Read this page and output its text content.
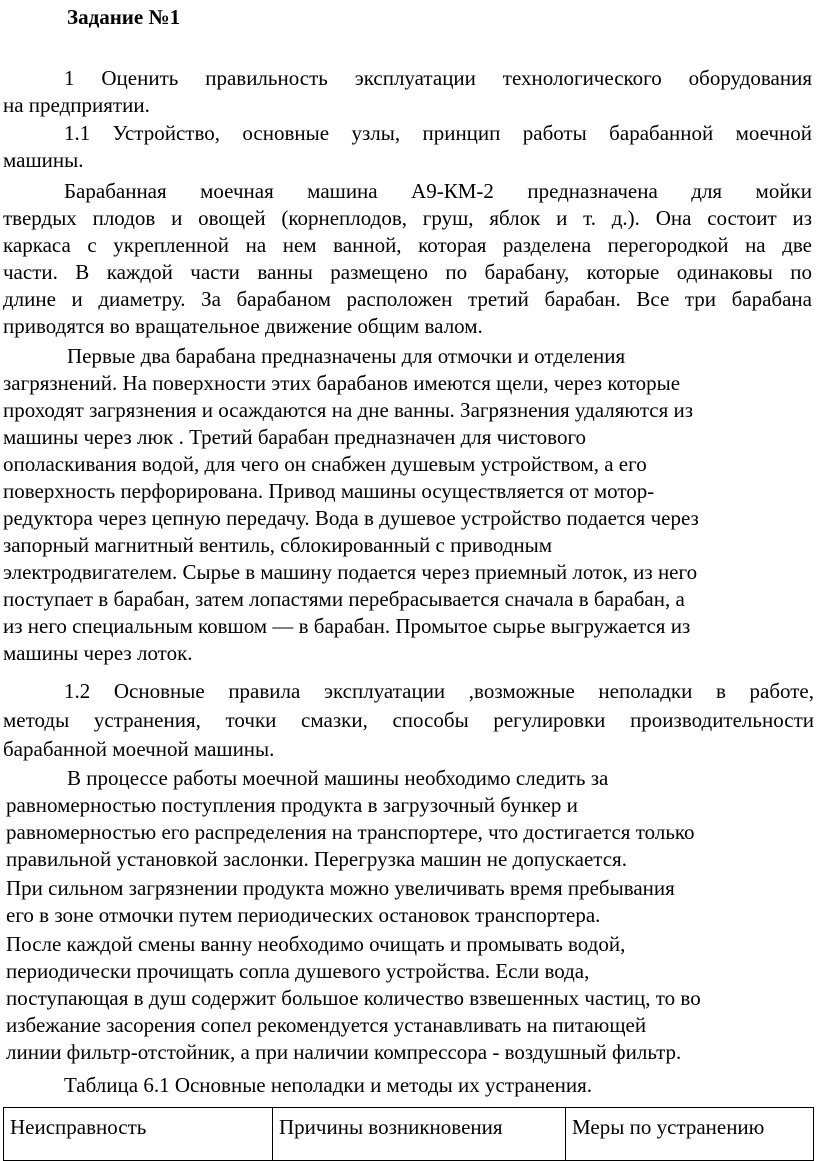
Задание №1
1 Оценить правильность эксплуатации технологического оборудования
на предприятии.
1.1 Устройство, основные узлы, принцип работы барабанной моечной
машины.
Барабанная моечная машина А9-КМ-2 предназначена для мойки
твердых плодов и овощей (корнеплодов, груш, яблок и т. д.). Она состоит из
каркаса с укрепленной на нем ванной, которая разделена перегородкой на две
части. В каждой части ванны размещено по барабану, которые одинаковы по
длине и диаметру. За барабаном расположен третий барабан. Все три барабана
приводятся во вращательное движение общим валом.
Первые два барабана предназначены для отмочки и отделения
загрязнений. На поверхности этих барабанов имеются щели, через которые
проходят загрязнения и осаждаются на дне ванны. Загрязнения удаляются из
машины через люк . Третий барабан предназначен для чистового
ополаскивания водой, для чего он снабжен душевым устройством, а его
поверхность перфорирована. Привод машины осуществляется от мотор-
редуктора через цепную передачу. Вода в душевое устройство подается через
запорный магнитный вентиль, сблокированный с приводным
электродвигателем. Сырье в машину подается через приемный лоток, из него
поступает в барабан, затем лопастями перебрасывается сначала в барабан, а
из него специальным ковшом — в барабан. Промытое сырье выгружается из
машины через лоток.
1.2 Основные правила эксплуатации ,возможные неполадки в работе,
методы устранения, точки смазки, способы регулировки производительности
барабанной моечной машины.
В процессе работы моечной машины необходимо следить за
равномерностью поступления продукта в загрузочный бункер и
равномерностью его распределения на транспортере, что достигается только
правильной установкой заслонки. Перегрузка машин не допускается.
При сильном загрязнении продукта можно увеличивать время пребывания
его в зоне отмочки путем периодических остановок транспортера.
После каждой смены ванну необходимо очищать и промывать водой,
периодически прочищать сопла душевого устройства. Если вода,
поступающая в душ содержит большое количество взвешенных частиц, то во
избежание засорения сопел рекомендуется устанавливать на питающей
линии фильтр-отстойник, а при наличии компрессора - воздушный фильтр.
Таблица 6.1 Основные неполадки и методы их устранения.
Неисправность	Причины возникновения	Меры по устранению
